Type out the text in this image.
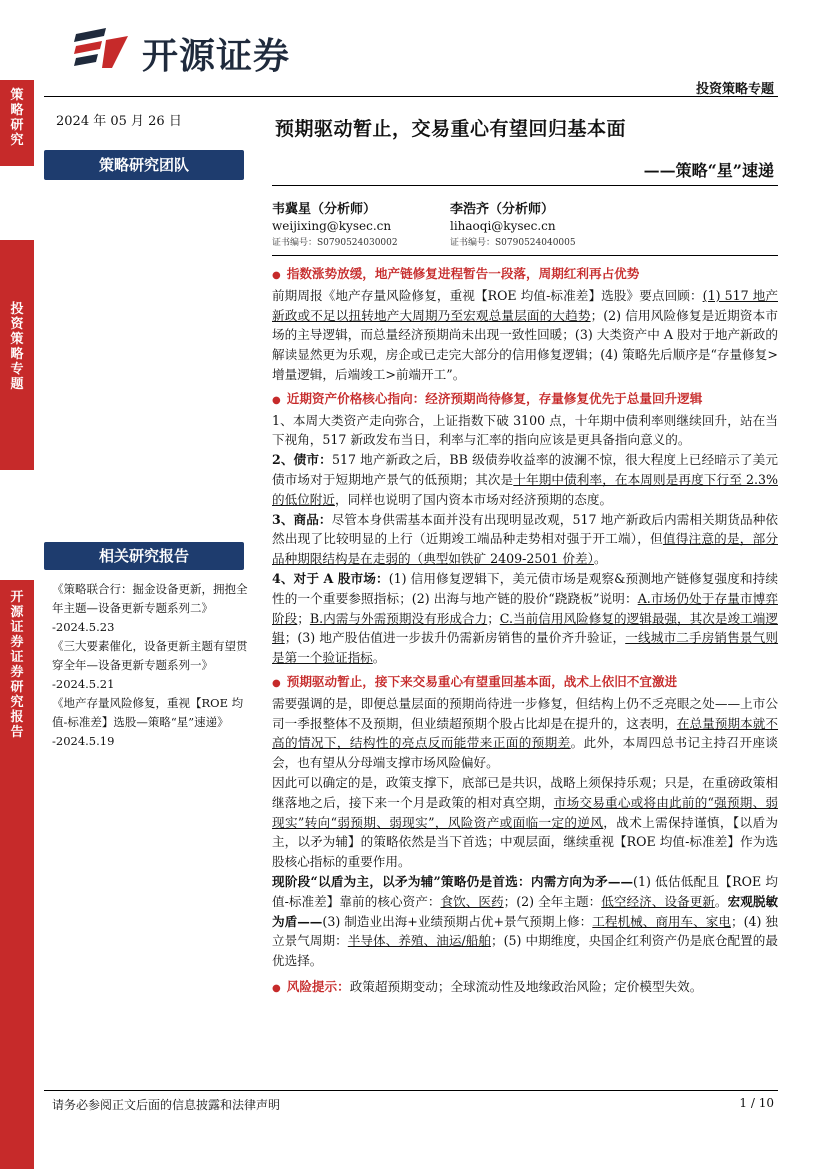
开源证券
投资策略专题
策略研究
投资策略专题
开源证券 证券研究报告
2024 年 05 月 26 日	预期驱动暂止，交易重心有望回归基本面
——策略“星”速递
策略研究团队
韦冀星（分析师）
weijixing@kysec.cn
证书编号：S0790524030002
李浩齐（分析师）
lihaoqi@kysec.cn
证书编号：S0790524040005
相关研究报告
《策略联合行：掘金设备更新，拥抱全年主题—设备更新专题系列二》
-2024.5.23
《三大要素催化，设备更新主题有望贯穿全年—设备更新专题系列一》
-2024.5.21
《地产存量风险修复，重视【ROE 均值-标准差】选股—策略“星”速递》
-2024.5.19
● 指数涨势放缓，地产链修复进程暂告一段落，周期红利再占优势
前期周报《地产存量风险修复，重视【ROE 均值-标准差】选股》要点回顾：(1) 517 地产新政或不足以扭转地产大周期乃至宏观总量层面的大趋势；(2) 信用风险修复是近期资本市场的主导逻辑，而总量经济预期尚未出现一致性回暖；(3) 大类资产中 A 股对于地产新政的解读显然更为乐观，房企或已走完大部分的信用修复逻辑；(4) 策略先后顺序是“存量修复>增量逻辑，后端竣工>前端开工”。
● 近期资产价格核心指向：经济预期尚待修复，存量修复优先于总量回升逻辑
1、本周大类资产走向弥合，上证指数下破 3100 点，十年期中债利率则继续回升，站在当下视角，517 新政发布当日，利率与汇率的指向应该是更具备指向意义的。
2、债市：517 地产新政之后，BB 级债券收益率的波澜不惊，很大程度上已经暗示了美元债市场对于短期地产景气的低预期；其次是十年期中债利率，在本周则是再度下行至 2.3%的低位附近，同样也说明了国内资本市场对经济预期的态度。
3、商品：尽管本身供需基本面并没有出现明显改观，517 地产新政后内需相关期货品种依然出现了比较明显的上行（近期竣工端品种走势相对强于开工端），但值得注意的是，部分品种期限结构是在走弱的（典型如铁矿 2409-2501 价差）。
4、对于 A 股市场：(1) 信用修复逻辑下，美元债市场是观察&预测地产链修复强度和持续性的一个重要参照指标；(2) 出海与地产链的股价“跷跷板”说明：A.市场仍处于存量市博弈阶段；B.内需与外需预期没有形成合力；C.当前信用风险修复的逻辑最强，其次是竣工端逻辑；(3) 地产股估值进一步拔升仍需新房销售的量价齐升验证，一线城市二手房销售景气则是第一个验证指标。
● 预期驱动暂止，接下来交易重心有望重回基本面，战术上依旧不宜激进
需要强调的是，即便总量层面的预期尚待进一步修复，但结构上仍不乏亮眼之处——上市公司一季报整体不及预期，但业绩超预期个股占比却是在提升的，这表明，在总量预期本就不高的情况下，结构性的亮点反而能带来正面的预期差。此外，本周四总书记主持召开座谈会，也有望从分母端支撑市场风险偏好。
因此可以确定的是，政策支撑下，底部已是共识，战略上须保持乐观；只是，在重磅政策相继落地之后，接下来一个月是政策的相对真空期，市场交易重心或将由此前的“强预期、弱现实”转向“弱预期、弱现实”，风险资产或面临一定的逆风，战术上需保持谨慎，【以盾为主，以矛为辅】的策略依然是当下首选；中观层面，继续重视【ROE 均值-标准差】作为选股核心指标的重要作用。
现阶段“以盾为主，以矛为辅”策略仍是首选：内需方向为矛——(1) 低估低配且【ROE 均值-标准差】靠前的核心资产：食饮、医药；(2) 全年主题：低空经济、设备更新。宏观脱敏为盾——(3) 制造业出海+业绩预期占优+景气预期上修：工程机械、商用车、家电；(4) 独立景气周期：半导体、养殖、油运/船舶；(5) 中期维度，央国企红利资产仍是底仓配置的最优选择。
● 风险提示：政策超预期变动；全球流动性及地缘政治风险；定价模型失效。
请务必参阅正文后面的信息披露和法律声明	1 / 10
